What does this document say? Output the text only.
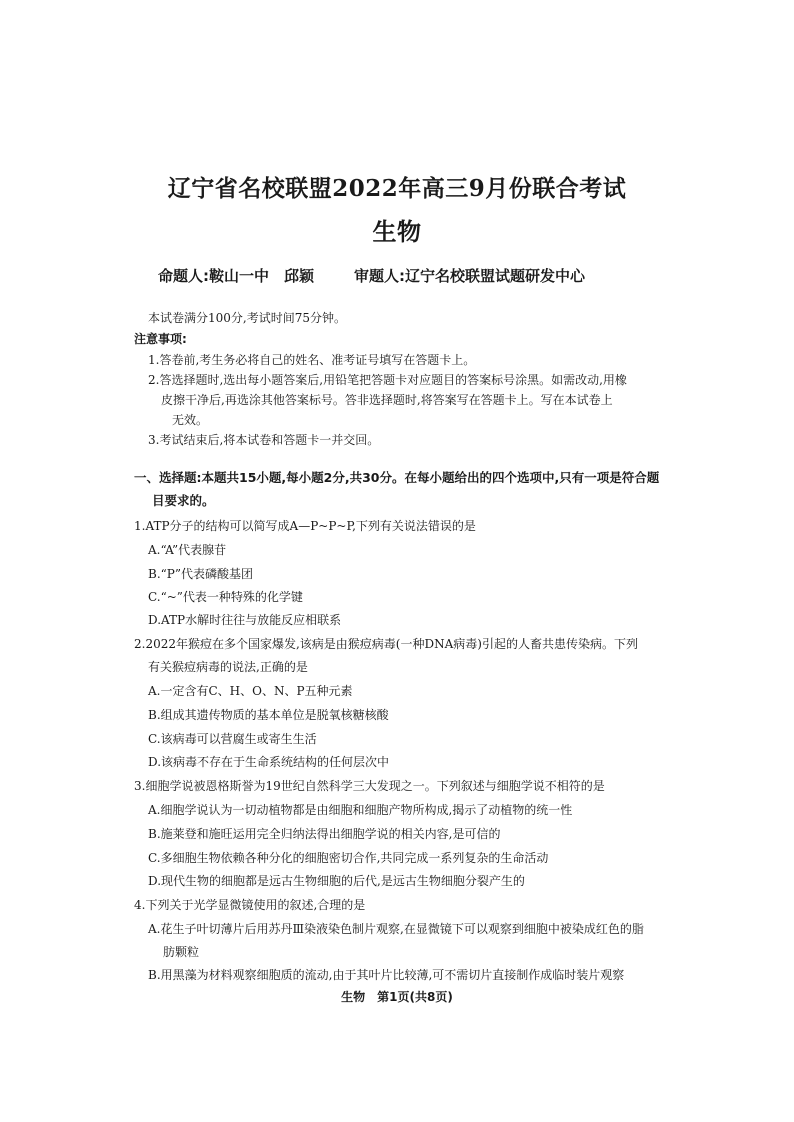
辽宁省名校联盟2022年高三9月份联合考试
生物
命题人:鞍山一中　邱颖	审题人:辽宁名校联盟试题研发中心
本试卷满分100分,考试时间75分钟。
注意事项:
1.答卷前,考生务必将自己的姓名、准考证号填写在答题卡上。
2.答选择题时,选出每小题答案后,用铅笔把答题卡对应题目的答案标号涂黑。如需改动,用橡
皮擦干净后,再选涂其他答案标号。答非选择题时,将答案写在答题卡上。写在本试卷上
无效。
3.考试结束后,将本试卷和答题卡一并交回。
一、选择题:本题共15小题,每小题2分,共30分。在每小题给出的四个选项中,只有一项是符合题
目要求的。
1.ATP分子的结构可以简写成A—P~P~P,下列有关说法错误的是
A.“A”代表腺苷
B.“P”代表磷酸基团
C.“~”代表一种特殊的化学键
D.ATP水解时往往与放能反应相联系
2.2022年猴痘在多个国家爆发,该病是由猴痘病毒(一种DNA病毒)引起的人畜共患传染病。下列
有关猴痘病毒的说法,正确的是
A.一定含有C、H、O、N、P五种元素
B.组成其遗传物质的基本单位是脱氧核糖核酸
C.该病毒可以营腐生或寄生生活
D.该病毒不存在于生命系统结构的任何层次中
3.细胞学说被恩格斯誉为19世纪自然科学三大发现之一。下列叙述与细胞学说不相符的是
A.细胞学说认为一切动植物都是由细胞和细胞产物所构成,揭示了动植物的统一性
B.施莱登和施旺运用完全归纳法得出细胞学说的相关内容,是可信的
C.多细胞生物依赖各种分化的细胞密切合作,共同完成一系列复杂的生命活动
D.现代生物的细胞都是远古生物细胞的后代,是远古生物细胞分裂产生的
4.下列关于光学显微镜使用的叙述,合理的是
A.花生子叶切薄片后用苏丹Ⅲ染液染色制片观察,在显微镜下可以观察到细胞中被染成红色的脂
肪颗粒
B.用黑藻为材料观察细胞质的流动,由于其叶片比较薄,可不需切片直接制作成临时装片观察
生物　第1页(共8页)
